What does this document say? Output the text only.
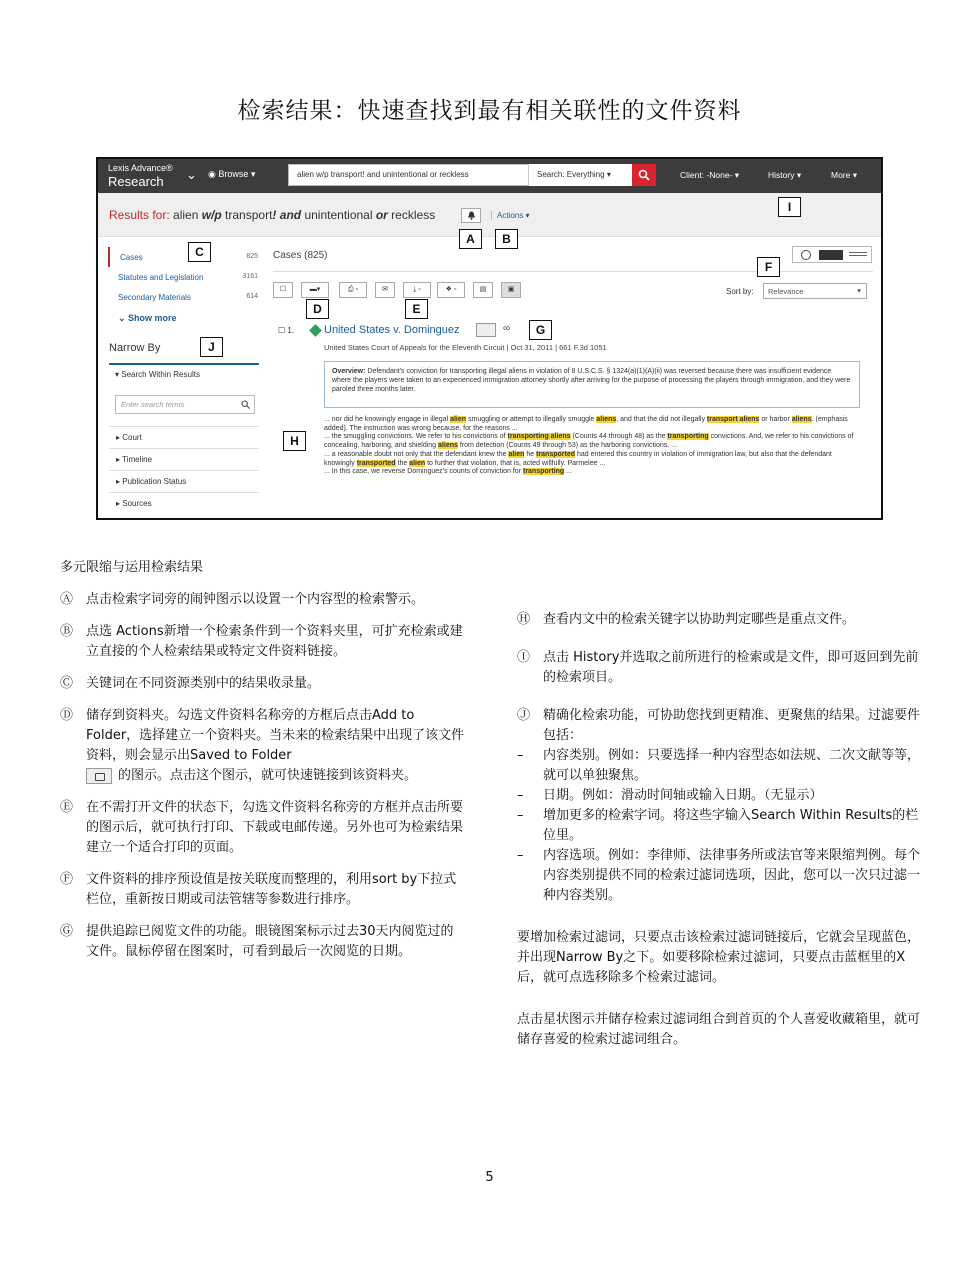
检索结果：快速查找到最有相关联性的文件资料
Lexis Advance®
Research	⌄ ◉ Browse ▾	alien w/p transport! and unintentional or reckless	Search: Everything ▾	Client: -None- ▾	History ▾	More ▾
Results for: alien w/p transport! and unintentional or reckless	Actions ▾
Cases	825
Statutes and Legislation	3161
Secondary Materials	614
⌄ Show more
Narrow By
▾ Search Within Results
Enter search terms
▸ Court
▸ Timeline
▸ Publication Status
▸ Sources
Cases (825)
☐	▬▾	⎙ ▫	✉	⤓ ▫	❖ ▫	▤	▣	Sort by:	Relevance	▾
☐ 1.	United States v. Dominguez	∞
United States Court of Appeals for the Eleventh Circuit | Oct 31, 2011 | 661 F.3d 1051
Overview: Defendant's conviction for transporting illegal aliens in violation of 8 U.S.C.S. § 1324(a)(1)(A)(ii) was reversed because there was insufficient evidence where the players were taken to an experienced immigration attorney shortly after arriving for the purpose of processing the players through immigration, and they were paroled three months later.
... nor did he knowingly engage in illegal alien smuggling or attempt to illegally smuggle aliens, and that the did not illegally transport aliens or harbor aliens. (emphasis added). The instruction was wrong because, for the reasons ...
... the smuggling convictions. We refer to his convictions of transporting aliens (Counts 44 through 48) as the transporting convictions. And, we refer to his convictions of concealing, harboring, and shielding aliens from detection (Counts 49 through 53) as the harboring convictions. ...
... a reasonable doubt not only that the defendant knew the alien he transported had entered this country in violation of immigration law, but also that the defendant knowingly transported the alien to further that violation, that is, acted willfully. Parmelee ...
... In this case, we reverse Dominguez's counts of conviction for transporting ...
A	B
C
D	E
F
G
H
I
J
多元限缩与运用检索结果
Ⓐ 点击检索字词旁的闹钟图示以设置一个内容型的检索警示。
Ⓑ 点选 Actions新增一个检索条件到一个资料夹里，可扩充检索或建立直接的个人检索结果或特定文件资料链接。
Ⓒ 关键词在不同资源类别中的结果收录量。
Ⓓ 储存到资料夹。勾选文件资料名称旁的方框后点击Add to Folder，选择建立一个资料夹。当未来的检索结果中出现了该文件资料，则会显示出Saved to Folder
的图示。点击这个图示，就可快速链接到该资料夹。
Ⓔ 在不需打开文件的状态下，勾选文件资料名称旁的方框并点击所要的图示后，就可执行打印、下载或电邮传递。另外也可为检索结果建立一个适合打印的页面。
Ⓕ 文件资料的排序预设值是按关联度而整理的，利用sort by下拉式栏位，重新按日期或司法管辖等参数进行排序。
Ⓖ 提供追踪已阅览文件的功能。眼镜图案标示过去30天内阅览过的文件。鼠标停留在图案时，可看到最后一次阅览的日期。
Ⓗ 查看内文中的检索关键字以协助判定哪些是重点文件。
Ⓘ 点击 History并选取之前所进行的检索或是文件，即可返回到先前的检索项目。
Ⓙ 精确化检索功能，可协助您找到更精准、更聚焦的结果。过滤要件包括：
– 内容类别。例如：只要选择一种内容型态如法规、二次文献等等，就可以单独聚焦。
– 日期。例如：滑动时间轴或输入日期。（无显示）
– 增加更多的检索字词。将这些字输入Search Within Results的栏位里。
– 内容选项。例如：李律师、法律事务所或法官等来限缩判例。每个内容类别提供不同的检索过滤词选项，因此，您可以一次只过滤一种内容类别。
要增加检索过滤词，只要点击该检索过滤词链接后，它就会呈现蓝色，并出现Narrow By之下。如要移除检索过滤词，只要点击蓝框里的X后，就可点选移除多个检索过滤词。
点击星状图示并储存检索过滤词组合到首页的个人喜爱收藏箱里，就可储存喜爱的检索过滤词组合。
5
